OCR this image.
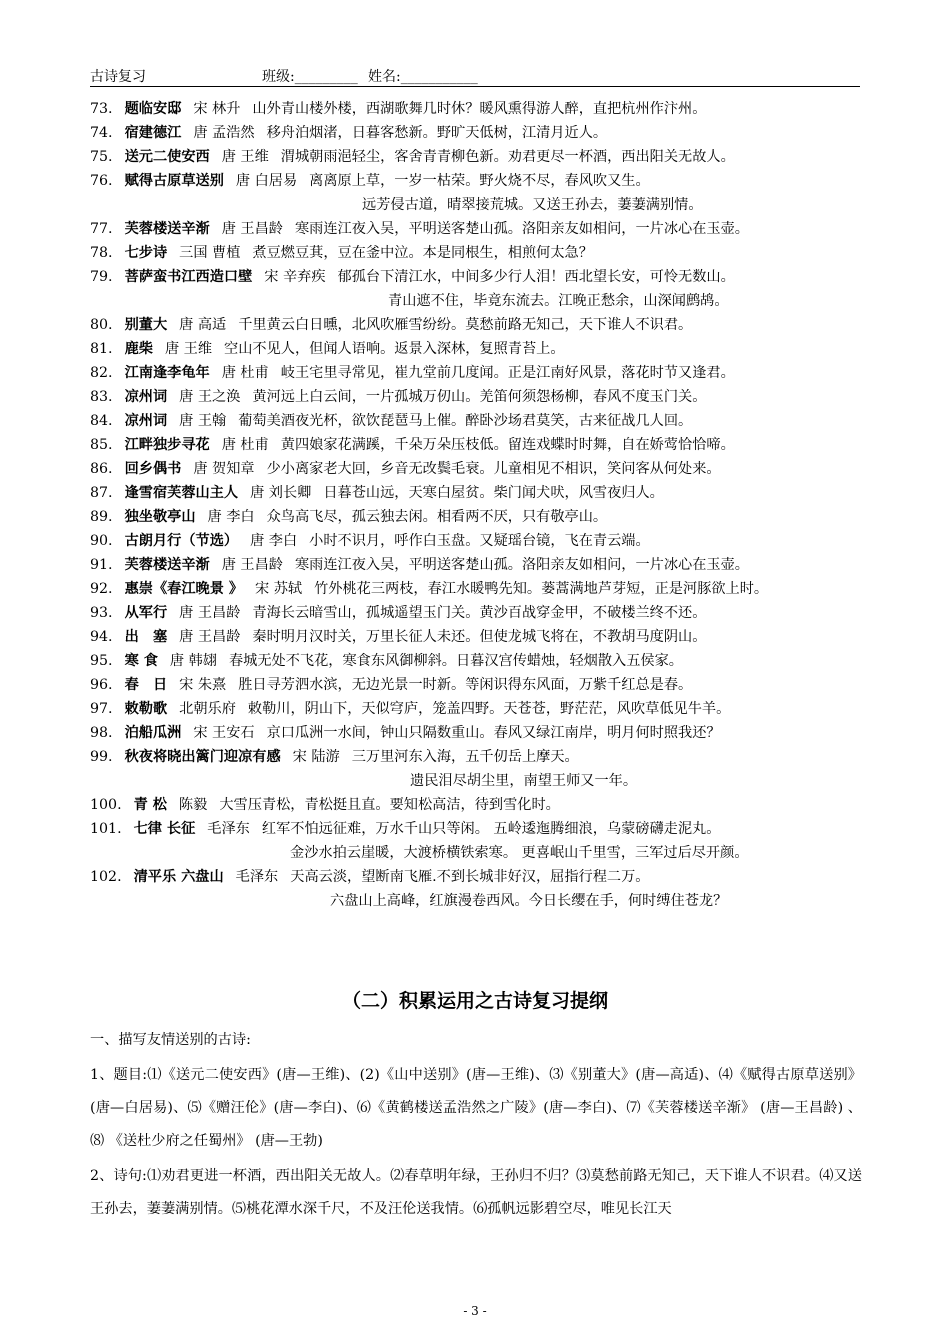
古诗复习	班级:_________ 姓名:___________
73. 题临安邸 宋 林升 山外青山楼外楼，西湖歌舞几时休？暖风熏得游人醉，直把杭州作汴州。
74. 宿建德江 唐 孟浩然 移舟泊烟渚，日暮客愁新。野旷天低树，江清月近人。
75. 送元二使安西 唐 王维 渭城朝雨浥轻尘，客舍青青柳色新。劝君更尽一杯酒，西出阳关无故人。
76. 赋得古原草送别 唐 白居易 离离原上草，一岁一枯荣。野火烧不尽，春风吹又生。
远芳侵古道，晴翠接荒城。又送王孙去，萋萋满别情。
77. 芙蓉楼送辛渐 唐 王昌龄 寒雨连江夜入吴，平明送客楚山孤。洛阳亲友如相问，一片冰心在玉壶。
78. 七步诗 三国 曹植 煮豆燃豆萁，豆在釜中泣。本是同根生，相煎何太急？
79. 菩萨蛮书江西造口壁 宋 辛弃疾 郁孤台下清江水，中间多少行人泪！西北望长安，可怜无数山。
青山遮不住，毕竟东流去。江晚正愁余，山深闻鹧鸪。
80. 别董大 唐 高适 千里黄云白日曛，北风吹雁雪纷纷。莫愁前路无知己，天下谁人不识君。
81. 鹿柴 唐 王维 空山不见人，但闻人语响。返景入深林，复照青苔上。
82. 江南逢李龟年 唐 杜甫 岐王宅里寻常见，崔九堂前几度闻。正是江南好风景，落花时节又逢君。
83. 凉州词 唐 王之涣 黄河远上白云间，一片孤城万仞山。羌笛何须怨杨柳，春风不度玉门关。
84. 凉州词 唐 王翰 葡萄美酒夜光杯，欲饮琵琶马上催。醉卧沙场君莫笑，古来征战几人回。
85. 江畔独步寻花 唐 杜甫 黄四娘家花满蹊，千朵万朵压枝低。留连戏蝶时时舞，自在娇莺恰恰啼。
86. 回乡偶书 唐 贺知章 少小离家老大回，乡音无改鬓毛衰。儿童相见不相识，笑问客从何处来。
87. 逢雪宿芙蓉山主人 唐 刘长卿 日暮苍山远，天寒白屋贫。柴门闻犬吠，风雪夜归人。
89. 独坐敬亭山 唐 李白 众鸟高飞尽，孤云独去闲。相看两不厌，只有敬亭山。
90. 古朗月行（节选） 唐 李白 小时不识月，呼作白玉盘。又疑瑶台镜，飞在青云端。
91. 芙蓉楼送辛渐 唐 王昌龄 寒雨连江夜入吴，平明送客楚山孤。洛阳亲友如相问，一片冰心在玉壶。
92. 惠崇《春江晚景 》 宋 苏轼 竹外桃花三两枝，春江水暖鸭先知。蒌蒿满地芦芽短，正是河豚欲上时。
93. 从军行 唐 王昌龄 青海长云暗雪山，孤城遥望玉门关。黄沙百战穿金甲，不破楼兰终不还。
94. 出　塞 唐 王昌龄 秦时明月汉时关，万里长征人未还。但使龙城飞将在，不教胡马度阴山。
95. 寒 食 唐 韩翃 春城无处不飞花，寒食东风御柳斜。日暮汉宫传蜡烛，轻烟散入五侯家。
96. 春　日 宋 朱熹 胜日寻芳泗水滨，无边光景一时新。等闲识得东风面，万紫千红总是春。
97. 敕勒歌 北朝乐府 敕勒川，阴山下，天似穹庐，笼盖四野。天苍苍，野茫茫，风吹草低见牛羊。
98. 泊船瓜洲 宋 王安石 京口瓜洲一水间，钟山只隔数重山。春风又绿江南岸，明月何时照我还？
99. 秋夜将晓出篱门迎凉有感 宋 陆游 三万里河东入海，五千仞岳上摩天。
遗民泪尽胡尘里，南望王师又一年。
100. 青 松 陈毅 大雪压青松，青松挺且直。要知松高洁，待到雪化时。
101. 七律 长征 毛泽东 红军不怕远征难，万水千山只等闲。 五岭逶迤腾细浪，乌蒙磅礴走泥丸。
金沙水拍云崖暖，大渡桥横铁索寒。 更喜岷山千里雪，三军过后尽开颜。
102. 清平乐 六盘山 毛泽东 天高云淡，望断南飞雁.不到长城非好汉，屈指行程二万。
六盘山上高峰，红旗漫卷西风。今日长缨在手，何时缚住苍龙？
（二）积累运用之古诗复习提纲
一、描写友情送别的古诗:
1、题目:⑴《送元二使安西》(唐—王维)、(2)《山中送别》(唐—王维)、⑶《别董大》(唐—高适)、⑷《赋得古原草送别》(唐—白居易)、⑸《赠汪伦》(唐—李白)、⑹《黄鹤楼送孟浩然之广陵》(唐—李白)、⑺《芙蓉楼送辛渐》 (唐—王昌龄) 、⑻ 《送杜少府之任蜀州》 (唐—王勃)
2、诗句:⑴劝君更进一杯酒，西出阳关无故人。⑵春草明年绿，王孙归不归？⑶莫愁前路无知己，天下谁人不识君。⑷又送王孙去，萋萋满别情。⑸桃花潭水深千尺，不及汪伦送我情。⑹孤帆远影碧空尽，唯见长江天
- 3 -
